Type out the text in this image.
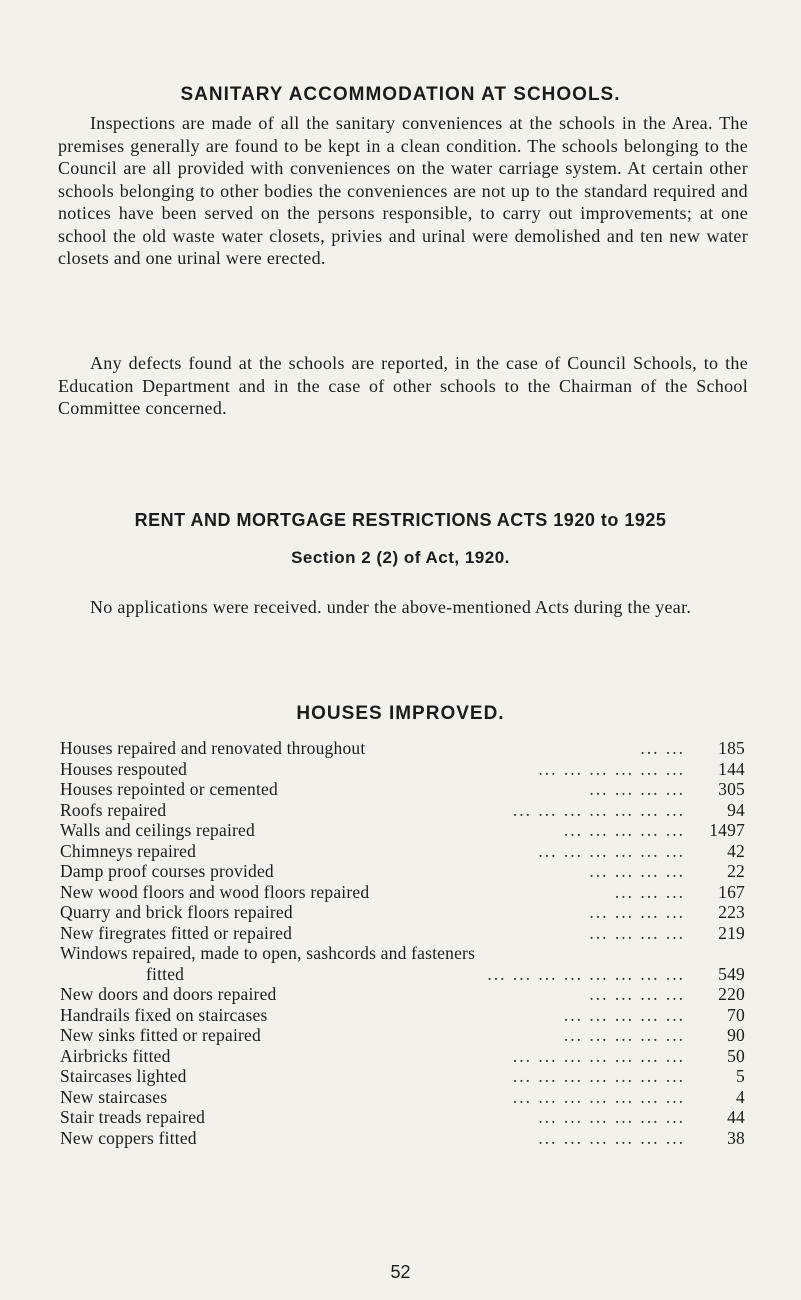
SANITARY ACCOMMODATION AT SCHOOLS.

Inspections are made of all the sanitary conveniences at the schools in the Area. The premises generally are found to be kept in a clean condition. The schools belonging to the Council are all provided with conveniences on the water carriage system. At certain other schools belonging to other bodies the conveniences are not up to the standard required and notices have been served on the persons responsible, to carry out improvements; at one school the old waste water closets, privies and urinal were demolished and ten new water closets and one urinal were erected.

Any defects found at the schools are reported, in the case of Council Schools, to the Education Department and in the case of other schools to the Chairman of the School Committee concerned.

RENT AND MORTGAGE RESTRICTIONS ACTS 1920 to 1925
Section 2 (2) of Act, 1920.

No applications were received. under the above-mentioned Acts during the year.

HOUSES IMPROVED.
Houses repaired and renovated throughout	... ...	185
Houses respouted	... ... ... ... ... ...	144
Houses repointed or cemented	... ... ... ...	305
Roofs repaired	... ... ... ... ... ... ...	94
Walls and ceilings repaired	... ... ... ... ...	1497
Chimneys repaired	... ... ... ... ... ...	42
Damp proof courses provided	... ... ... ...	22
New wood floors and wood floors repaired	... ... ...	167
Quarry and brick floors repaired	... ... ... ...	223
New firegrates fitted or repaired	... ... ... ...	219
Windows repaired, made to open, sashcords and fasteners
fitted	... ... ... ... ... ... ... ...	549
New doors and doors repaired	... ... ... ...	220
Handrails fixed on staircases	... ... ... ... ...	70
New sinks fitted or repaired	... ... ... ... ...	90
Airbricks fitted	... ... ... ... ... ... ...	50
Staircases lighted	... ... ... ... ... ... ...	5
New staircases	... ... ... ... ... ... ...	4
Stair treads repaired	... ... ... ... ... ...	44
New coppers fitted	... ... ... ... ... ...	38
52
